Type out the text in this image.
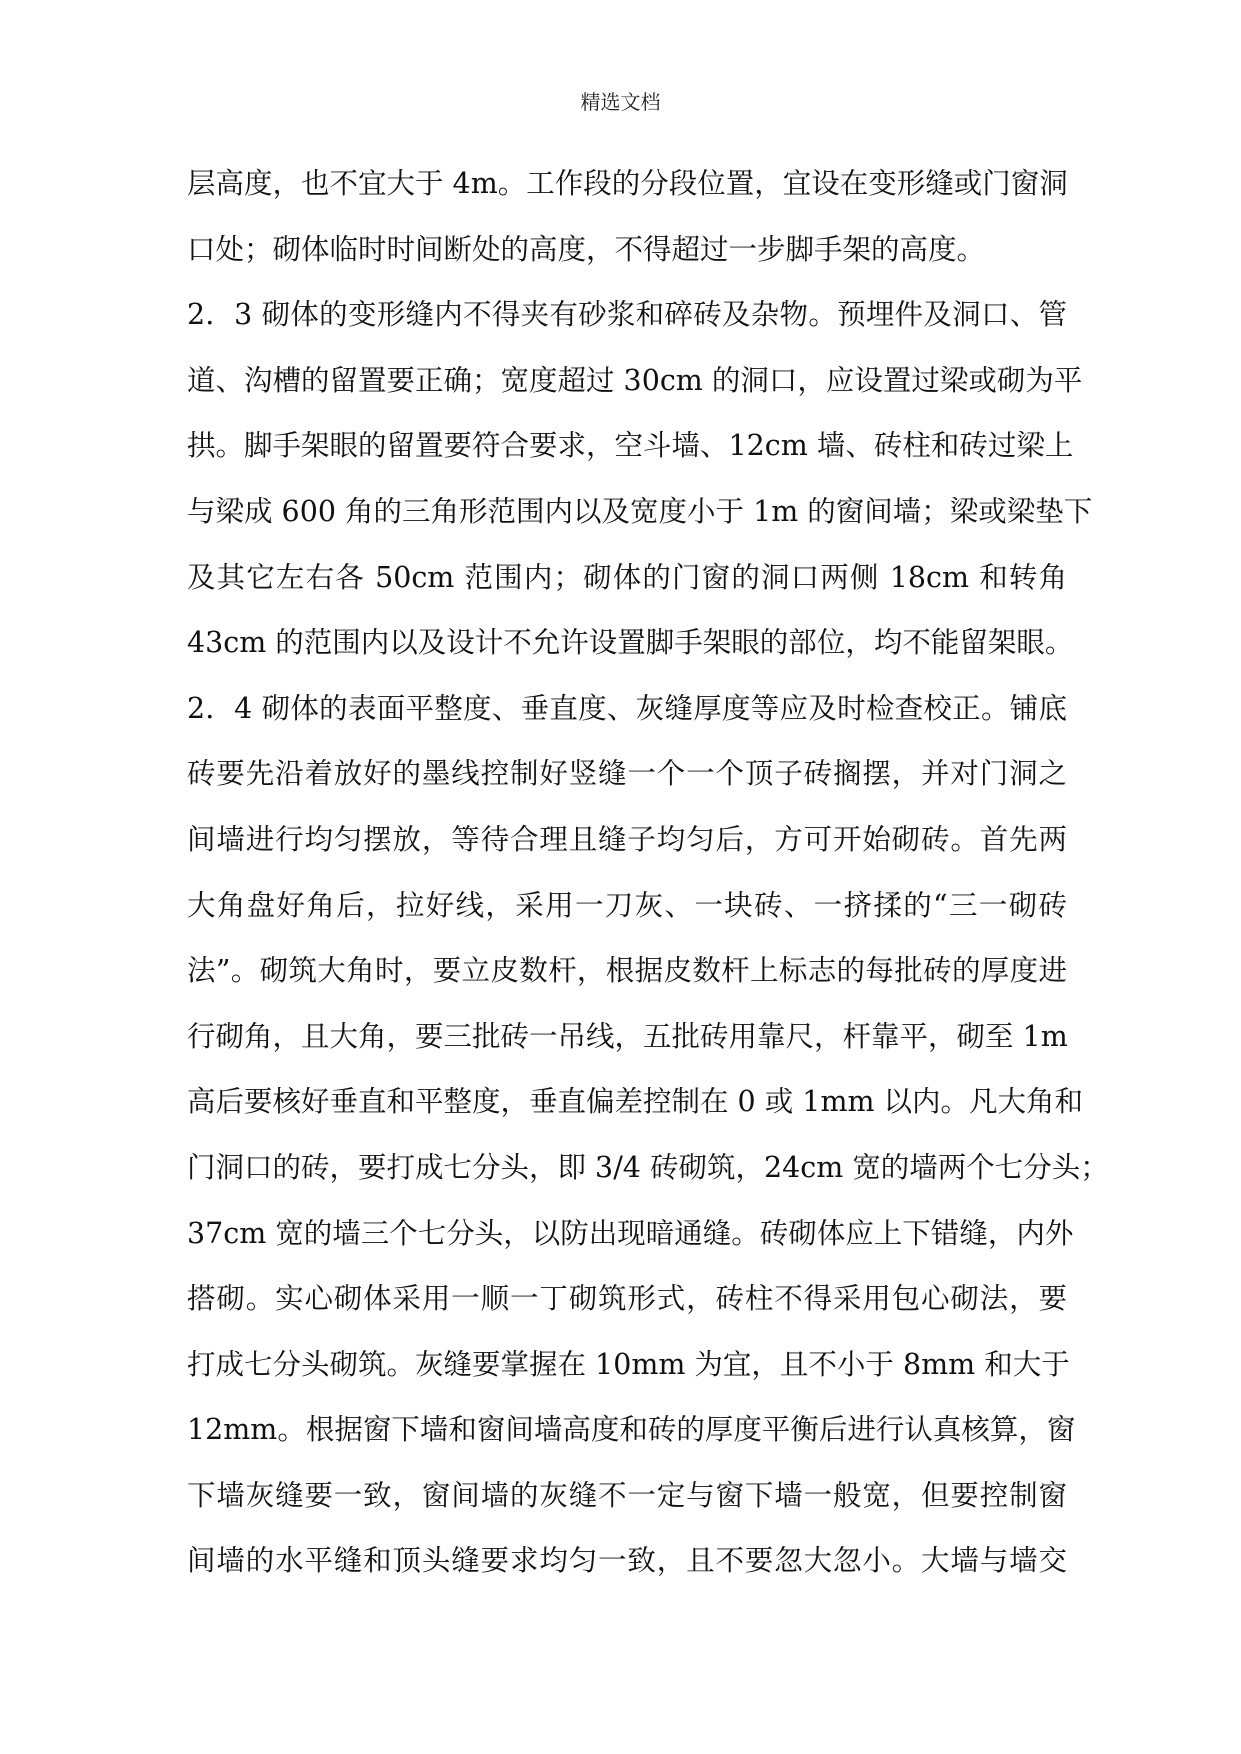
精选文档
层高度，也不宜大于 4m。工作段的分段位置，宜设在变形缝或门窗洞
口处；砌体临时时间断处的高度，不得超过一步脚手架的高度。
2．3 砌体的变形缝内不得夹有砂浆和碎砖及杂物。预埋件及洞口、管
道、沟槽的留置要正确；宽度超过 30cm 的洞口，应设置过梁或砌为平
拱。脚手架眼的留置要符合要求，空斗墙、12cm 墙、砖柱和砖过梁上
与梁成 600 角的三角形范围内以及宽度小于 1m 的窗间墙；梁或梁垫下
及其它左右各 50cm 范围内；砌体的门窗的洞口两侧 18cm 和转角
43cm 的范围内以及设计不允许设置脚手架眼的部位，均不能留架眼。
2．4 砌体的表面平整度、垂直度、灰缝厚度等应及时检查校正。铺底
砖要先沿着放好的墨线控制好竖缝一个一个顶子砖搁摆，并对门洞之
间墙进行均匀摆放，等待合理且缝子均匀后，方可开始砌砖。首先两
大角盘好角后，拉好线，采用一刀灰、一块砖、一挤揉的“三一砌砖
法”。砌筑大角时，要立皮数杆，根据皮数杆上标志的每批砖的厚度进
行砌角，且大角，要三批砖一吊线，五批砖用靠尺，杆靠平，砌至 1m
高后要核好垂直和平整度，垂直偏差控制在 0 或 1mm 以内。凡大角和
门洞口的砖，要打成七分头，即 3/4 砖砌筑，24cm 宽的墙两个七分头；
37cm 宽的墙三个七分头，以防出现暗通缝。砖砌体应上下错缝，内外
搭砌。实心砌体采用一顺一丁砌筑形式，砖柱不得采用包心砌法，要
打成七分头砌筑。灰缝要掌握在 10mm 为宜，且不小于 8mm 和大于
12mm。根据窗下墙和窗间墙高度和砖的厚度平衡后进行认真核算，窗
下墙灰缝要一致，窗间墙的灰缝不一定与窗下墙一般宽，但要控制窗
间墙的水平缝和顶头缝要求均匀一致，且不要忽大忽小。大墙与墙交
